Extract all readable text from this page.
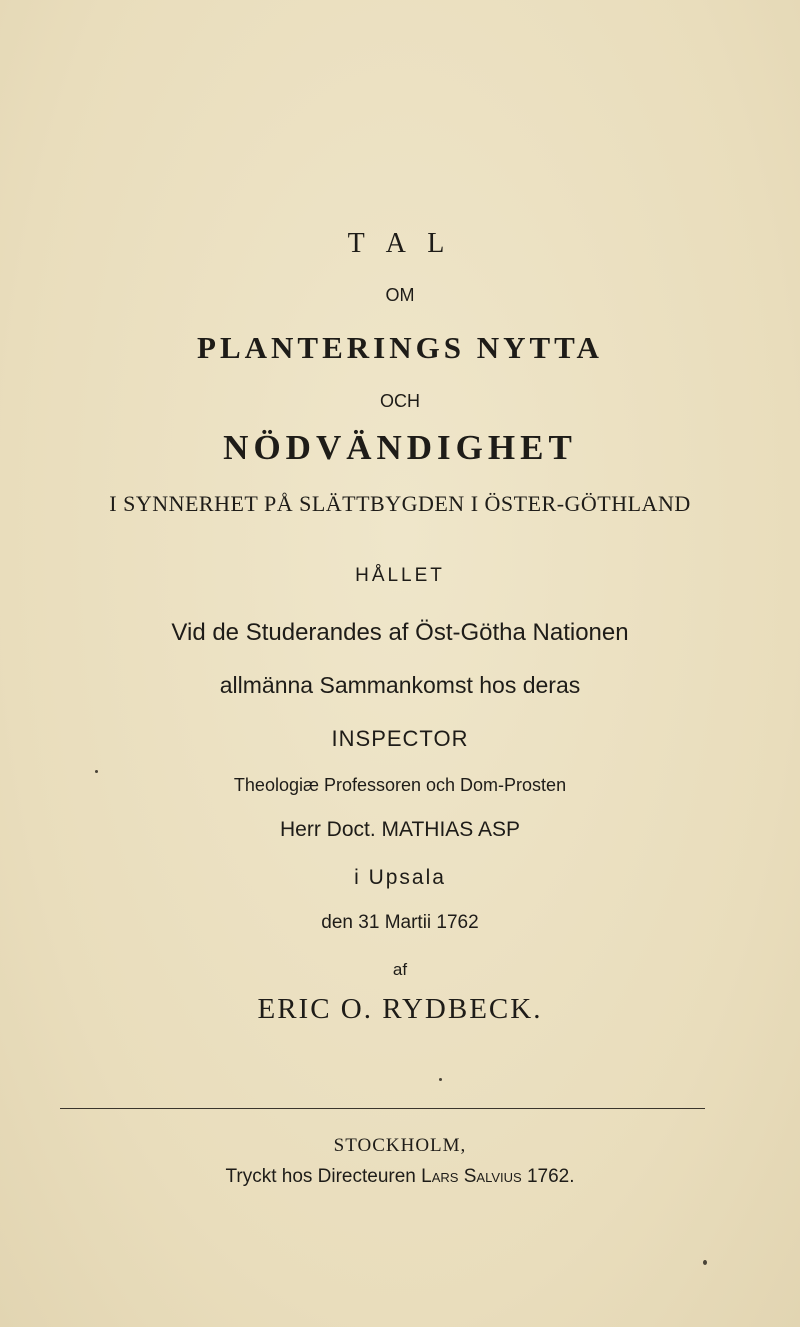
T A L
OM
PLANTERINGS NYTTA
OCH
NÖDVÄNDIGHET
I SYNNERHET PÅ SLÄTTBYGDEN I ÖSTER-GÖTHLAND
HÅLLET
Vid de Studerandes af Öst-Götha Nationen
allmänna Sammankomst hos deras
INSPECTOR
Theologiæ Professoren och Dom-Prosten
Herr Doct. MATHIAS ASP
i Upsala
den 31 Martii 1762
af
ERIC O. RYDBECK.
STOCKHOLM,
Tryckt hos Directeuren Lars Salvius 1762.
